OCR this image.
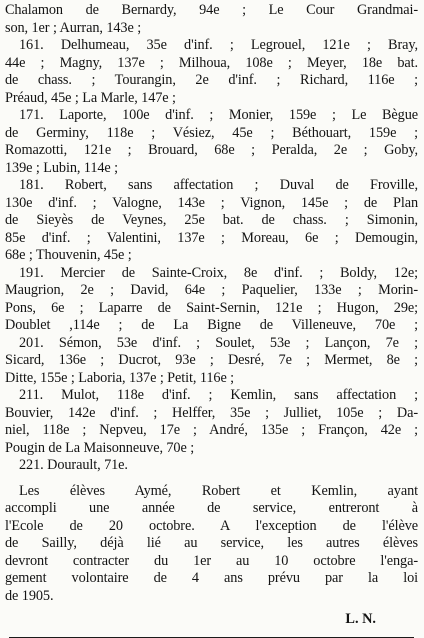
Chalamon de Bernardy, 94e ; Le Cour Grandmai-
son, 1er ; Aurran, 143e ;
161. Delhumeau, 35e d'inf. ; Legrouel, 121e ; Bray,
44e ; Magny, 137e ; Milhoua, 108e ; Meyer, 18e bat.
de chass. ; Tourangin, 2e d'inf. ; Richard, 116e ;
Préaud, 45e ; La Marle, 147e ;
171. Laporte, 100e d'inf. ; Monier, 159e ; Le Bègue
de Germiny, 118e ; Vésiez, 45e ; Béthouart, 159e ;
Romazotti, 121e ; Brouard, 68e ; Peralda, 2e ; Goby,
139e ; Lubin, 114e ;
181. Robert, sans affectation ; Duval de Froville,
130e d'inf. ; Valogne, 143e ; Vignon, 145e ; de Plan
de Sieyès de Veynes, 25e bat. de chass. ; Simonin,
85e d'inf. ; Valentini, 137e ; Moreau, 6e ; Demougin,
68e ; Thouvenin, 45e ;
191. Mercier de Sainte-Croix, 8e d'inf. ; Boldy, 12e;
Maugrion, 2e ; David, 64e ; Paquelier, 133e ; Morin-
Pons, 6e ; Laparre de Saint-Sernin, 121e ; Hugon, 29e;
Doublet ,114e ; de La Bigne de Villeneuve, 70e ;
201. Sémon, 53e d'inf. ; Soulet, 53e ; Lançon, 7e ;
Sicard, 136e ; Ducrot, 93e ; Desré, 7e ; Mermet, 8e ;
Ditte, 155e ; Laboria, 137e ; Petit, 116e ;
211. Mulot, 118e d'inf. ; Kemlin, sans affectation ;
Bouvier, 142e d'inf. ; Helffer, 35e ; Julliet, 105e ; Da-
niel, 118e ; Nepveu, 17e ; André, 135e ; Françon, 42e ;
Pougin de La Maisonneuve, 70e ;
221. Dourault, 71e.
Les élèves Aymé, Robert et Kemlin, ayant
accompli une année de service, entreront à
l'Ecole de 20 octobre. A l'exception de l'élève
de Sailly, déjà lié au service, les autres élèves
devront contracter du 1er au 10 octobre l'enga-
gement volontaire de 4 ans prévu par la loi
de 1905.
L. N.
